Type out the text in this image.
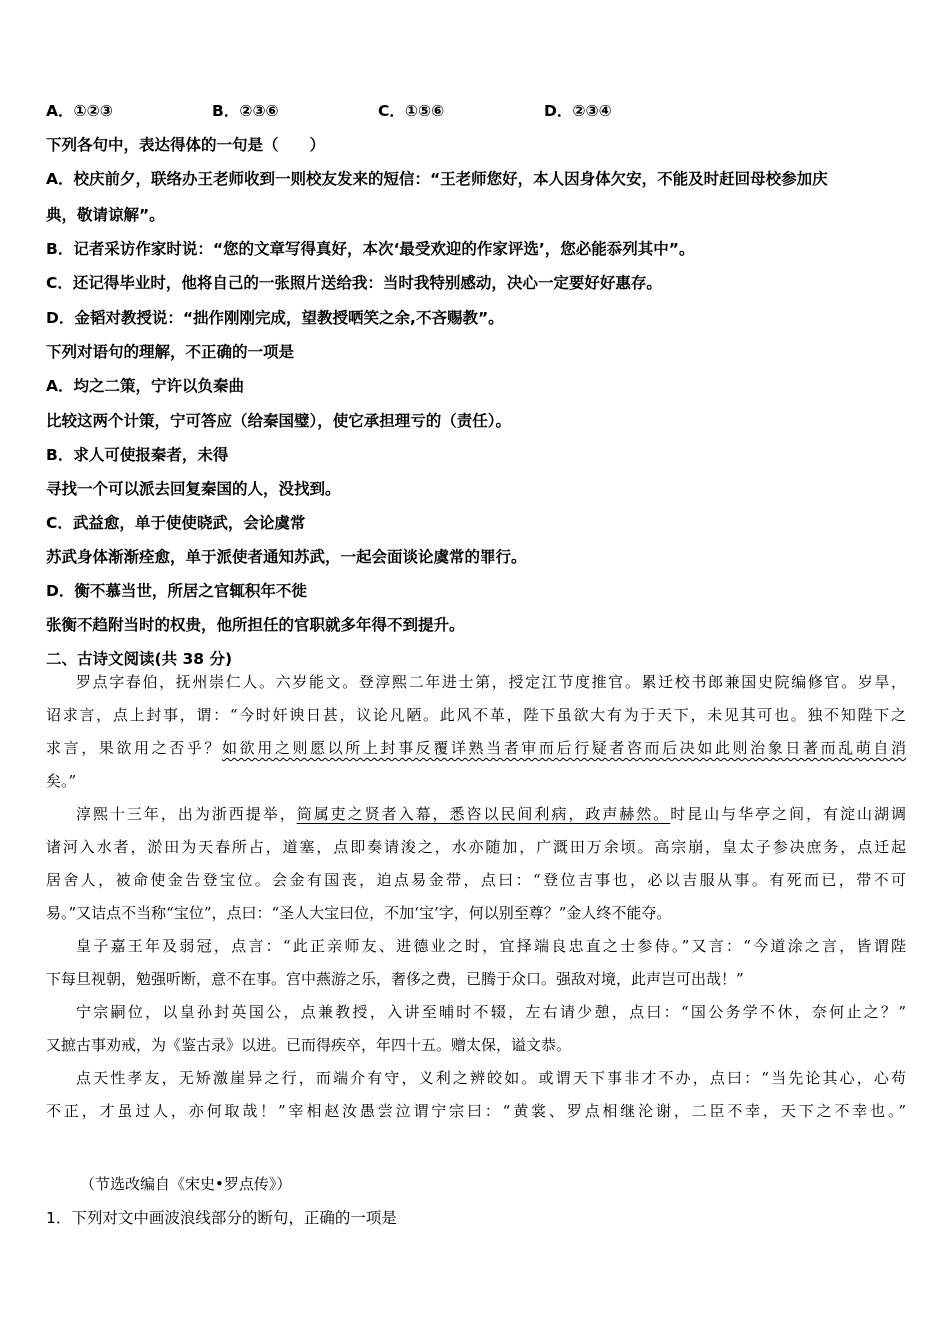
A．①②③	B．②③⑥	C．①⑤⑥	D．②③④
下列各句中，表达得体的一句是（　　）
A．校庆前夕，联络办王老师收到一则校友发来的短信：“王老师您好，本人因身体欠安，不能及时赶回母校参加庆
典，敬请谅解”。
B．记者采访作家时说：“您的文章写得真好，本次‘最受欢迎的作家评选’，您必能忝列其中”。
C．还记得毕业时，他将自己的一张照片送给我：当时我特别感动，决心一定要好好惠存。
D．金韬对教授说：“拙作刚刚完成，望教授哂笑之余,不吝赐教”。
下列对语句的理解，不正确的一项是
A．均之二策，宁许以负秦曲
比较这两个计策，宁可答应（给秦国璧），使它承担理亏的（责任）。
B．求人可使报秦者，未得
寻找一个可以派去回复秦国的人，没找到。
C．武益愈，单于使使晓武，会论虞常
苏武身体渐渐痊愈，单于派使者通知苏武，一起会面谈论虞常的罪行。
D．衡不慕当世，所居之官辄积年不徙
张衡不趋附当时的权贵，他所担任的官职就多年得不到提升。
二、古诗文阅读(共 38 分)
罗点字春伯，抚州崇仁人。六岁能文。登淳熙二年进士第，授定江节度推官。累迁校书郎兼国史院编修官。岁旱，
诏求言，点上封事，谓：“今时奸谀日甚，议论凡陋。此风不革，陛下虽欲大有为于天下，未见其可也。独不知陛下之
求言，果欲用之否乎？如欲用之则愿以所上封事反覆详熟当者审而后行疑者咨而后决如此则治象日著而乱萌自消
矣。”
淳熙十三年，出为浙西提举，筒属吏之贤者入幕，悉咨以民间利病，政声赫然。时昆山与华亭之间，有淀山湖调
诸河入水者，淤田为天春所占，道塞，点即奏请浚之，水亦随加，广溉田万余顷。高宗崩，皇太子参决庶务，点迁起
居舍人，被命使金告登宝位。会金有国丧，迫点易金带，点曰：“登位吉事也，必以吉服从事。有死而已，带不可
易。”又诘点不当称“宝位”，点曰：“圣人大宝曰位，不加‘宝’字，何以别至尊？”金人终不能夺。
皇子嘉王年及弱冠，点言：“此正亲师友、进德业之时，宜择端良忠直之士参侍。”又言：“今道涂之言，皆谓陛
下每旦视朝，勉强听断，意不在事。宫中燕游之乐，奢侈之费，已腾于众口。强敌对境，此声岂可出哉！”
宁宗嗣位，以皇孙封英国公，点兼教授，入讲至晡时不辍，左右请少憩，点曰：“国公务学不休，奈何止之？”
又摭古事劝戒，为《鉴古录》以进。已而得疾卒，年四十五。赠太保，谥文恭。
点天性孝友，无矫激崖异之行，而端介有守，义利之辨皎如。或谓天下事非才不办，点曰：“当先论其心，心苟
不正，才虽过人，亦何取哉！”宰相赵汝愚尝泣谓宁宗曰：“黄裳、罗点相继沦谢，二臣不幸，天下之不幸也。”
（节选改编自《宋史•罗点传》）
1．下列对文中画波浪线部分的断句，正确的一项是
